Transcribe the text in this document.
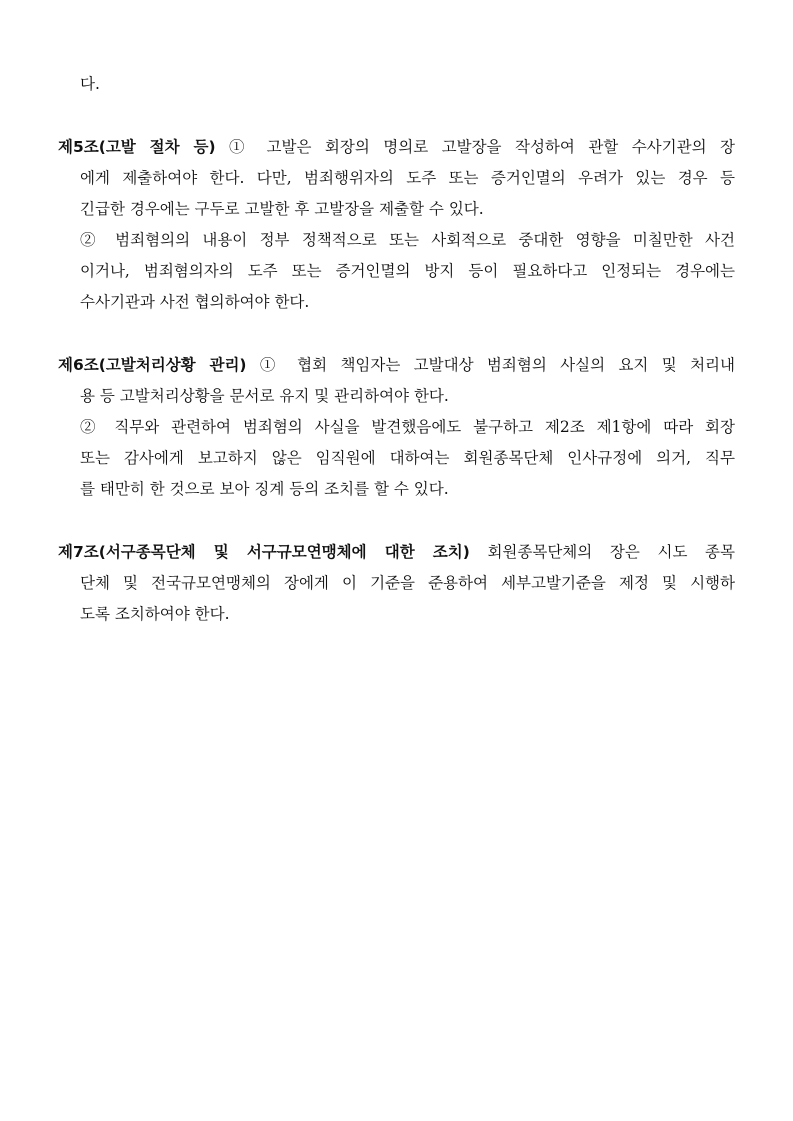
다.
제5조(고발 절차 등) ① 고발은 회장의 명의로 고발장을 작성하여 관할 수사기관의 장
에게 제출하여야 한다. 다만, 범죄행위자의 도주 또는 증거인멸의 우려가 있는 경우 등
긴급한 경우에는 구두로 고발한 후 고발장을 제출할 수 있다.
② 범죄혐의의 내용이 정부 정책적으로 또는 사회적으로 중대한 영향을 미칠만한 사건
이거나, 범죄혐의자의 도주 또는 증거인멸의 방지 등이 필요하다고 인정되는 경우에는
수사기관과 사전 협의하여야 한다.
제6조(고발처리상황 관리) ① 협회 책임자는 고발대상 범죄혐의 사실의 요지 및 처리내
용 등 고발처리상황을 문서로 유지 및 관리하여야 한다.
② 직무와 관련하여 범죄혐의 사실을 발견했음에도 불구하고 제2조 제1항에 따라 회장
또는 감사에게 보고하지 않은 임직원에 대하여는 회원종목단체 인사규정에 의거, 직무
를 태만히 한 것으로 보아 징계 등의 조치를 할 수 있다.
제7조(서구종목단체 및 서구규모연맹체에 대한 조치) 회원종목단체의 장은 시도 종목
단체 및 전국규모연맹체의 장에게 이 기준을 준용하여 세부고발기준을 제정 및 시행하
도록 조치하여야 한다.
